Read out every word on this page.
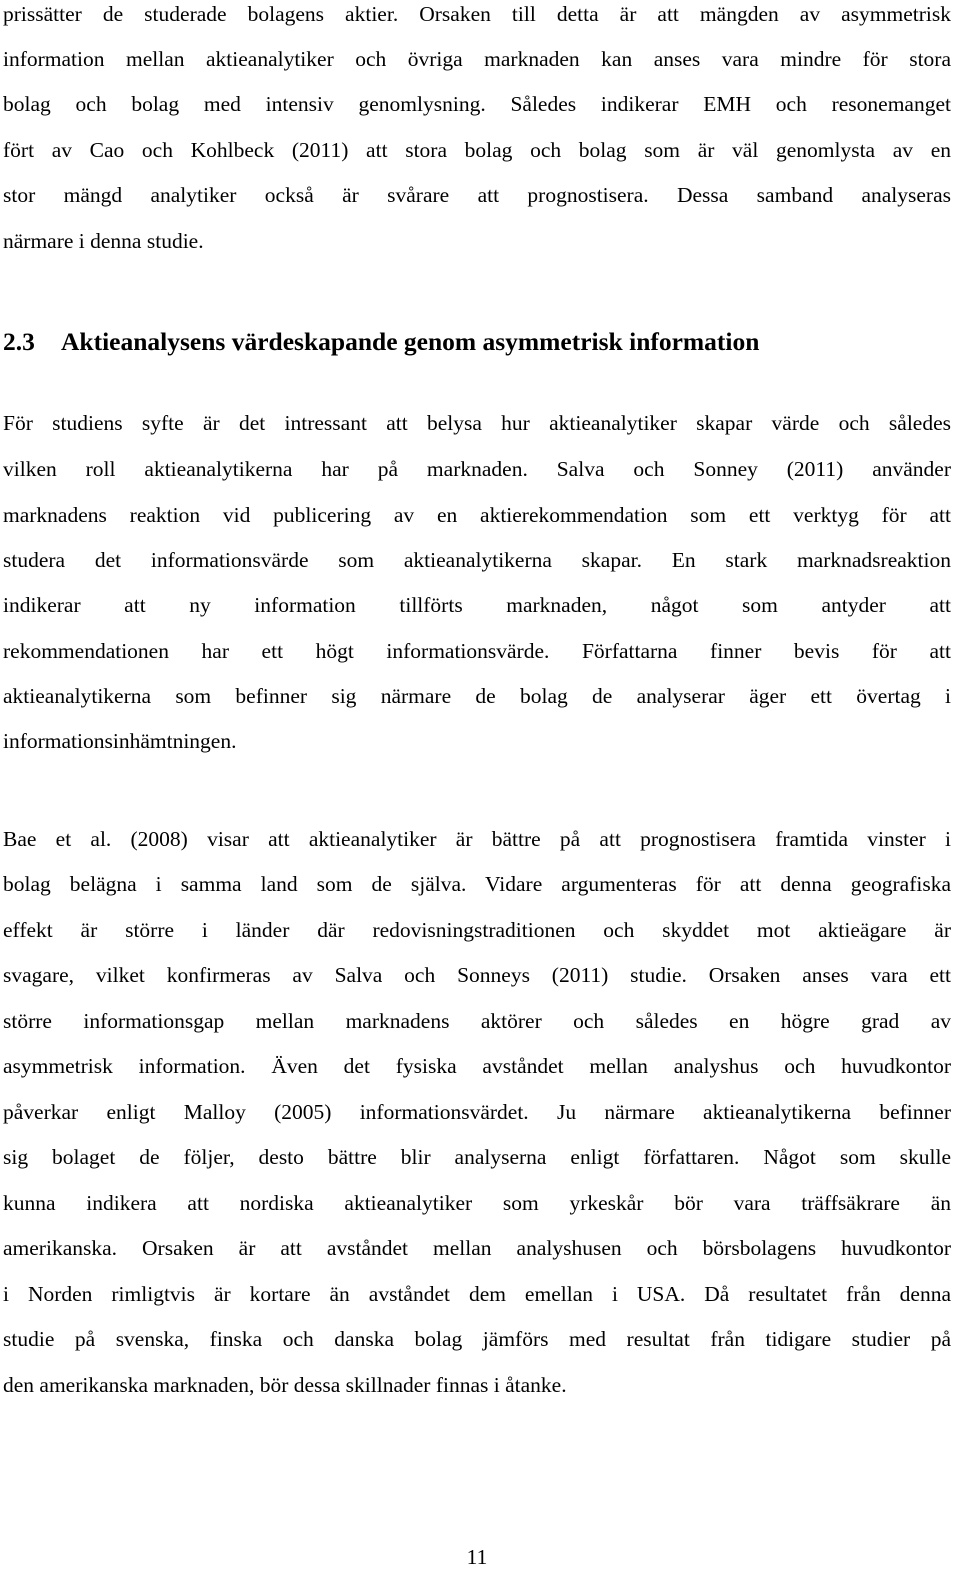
prissätter de studerade bolagens aktier. Orsaken till detta är att mängden av asymmetrisk
information mellan aktieanalytiker och övriga marknaden kan anses vara mindre för stora
bolag och bolag med intensiv genomlysning. Således indikerar EMH och resonemanget
fört av Cao och Kohlbeck (2011) att stora bolag och bolag som är väl genomlysta av en
stor mängd analytiker också är svårare att prognostisera. Dessa samband analyseras
närmare i denna studie.
2.3 Aktieanalysens värdeskapande genom asymmetrisk information
För studiens syfte är det intressant att belysa hur aktieanalytiker skapar värde och således
vilken roll aktieanalytikerna har på marknaden. Salva och Sonney (2011) använder
marknadens reaktion vid publicering av en aktierekommendation som ett verktyg för att
studera det informationsvärde som aktieanalytikerna skapar. En stark marknadsreaktion
indikerar att ny information tillförts marknaden, något som antyder att
rekommendationen har ett högt informationsvärde. Författarna finner bevis för att
aktieanalytikerna som befinner sig närmare de bolag de analyserar äger ett övertag i
informationsinhämtningen.
Bae et al. (2008) visar att aktieanalytiker är bättre på att prognostisera framtida vinster i
bolag belägna i samma land som de själva. Vidare argumenteras för att denna geografiska
effekt är större i länder där redovisningstraditionen och skyddet mot aktieägare är
svagare, vilket konfirmeras av Salva och Sonneys (2011) studie. Orsaken anses vara ett
större informationsgap mellan marknadens aktörer och således en högre grad av
asymmetrisk information. Även det fysiska avståndet mellan analyshus och huvudkontor
påverkar enligt Malloy (2005) informationsvärdet. Ju närmare aktieanalytikerna befinner
sig bolaget de följer, desto bättre blir analyserna enligt författaren. Något som skulle
kunna indikera att nordiska aktieanalytiker som yrkeskår bör vara träffsäkrare än
amerikanska. Orsaken är att avståndet mellan analyshusen och börsbolagens huvudkontor
i Norden rimligtvis är kortare än avståndet dem emellan i USA. Då resultatet från denna
studie på svenska, finska och danska bolag jämförs med resultat från tidigare studier på
den amerikanska marknaden, bör dessa skillnader finnas i åtanke.
11
